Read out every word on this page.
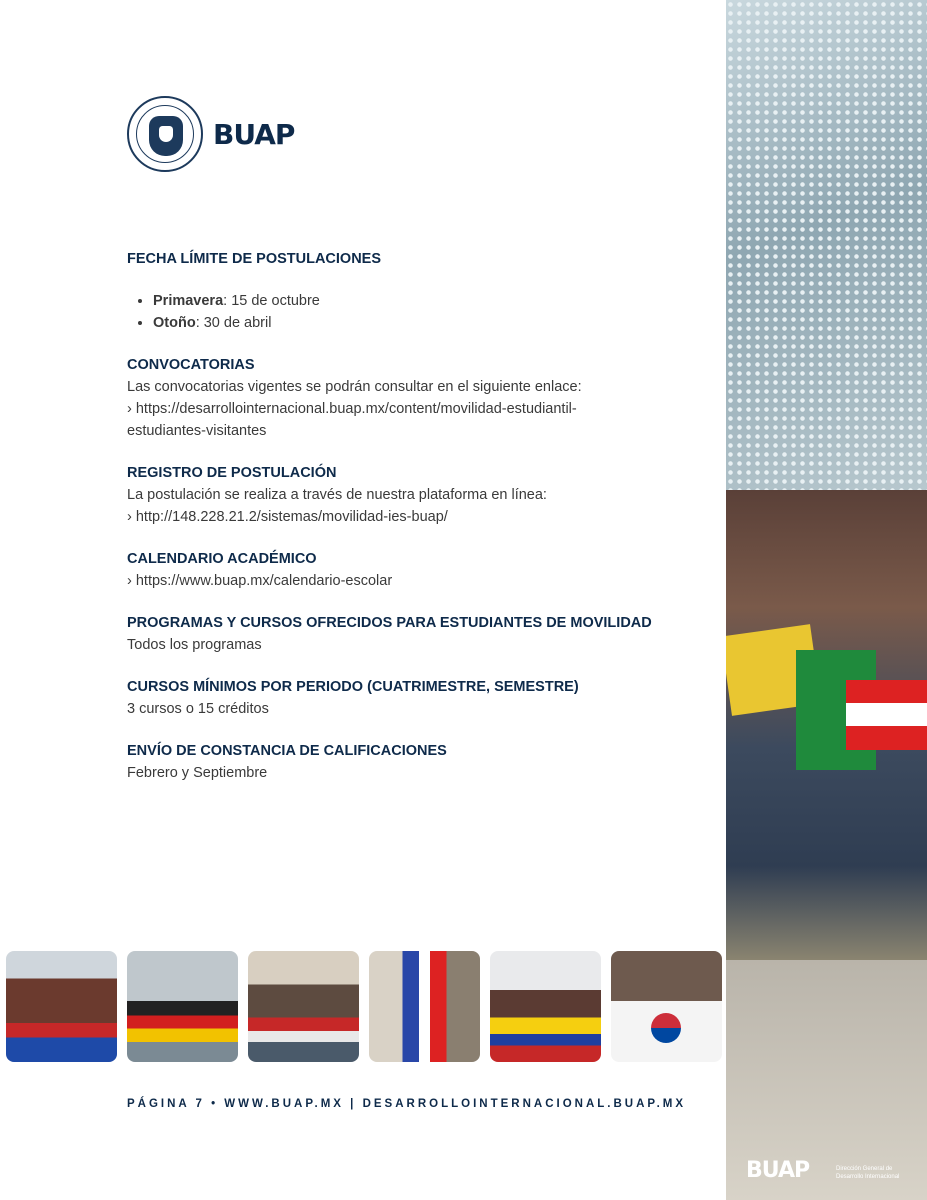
BUAP

FECHA LÍMITE DE POSTULACIONES

• Primavera: 15 de octubre
• Otoño: 30 de abril

CONVOCATORIAS

Las convocatorias vigentes se podrán consultar en el siguiente enlace:

› https://desarrollointernacional.buap.mx/content/movilidad-estudiantil-

estudiantes-visitantes

REGISTRO DE POSTULACIÓN

La postulación se realiza a través de nuestra plataforma en línea:

› http://148.228.21.2/sistemas/movilidad-ies-buap/

CALENDARIO ACADÉMICO

› https://www.buap.mx/calendario-escolar

PROGRAMAS Y CURSOS OFRECIDOS PARA ESTUDIANTES DE MOVILIDAD

Todos los programas

CURSOS MÍNIMOS POR PERIODO (CUATRIMESTRE, SEMESTRE)

3 cursos o 15 créditos

ENVÍO DE CONSTANCIA DE CALIFICACIONES

Febrero y Septiembre

PÁGINA 7 • WWW.BUAP.MX | DESARROLLOINTERNACIONAL.BUAP.MX
BUAP	Dirección General de Desarrollo Internacional
